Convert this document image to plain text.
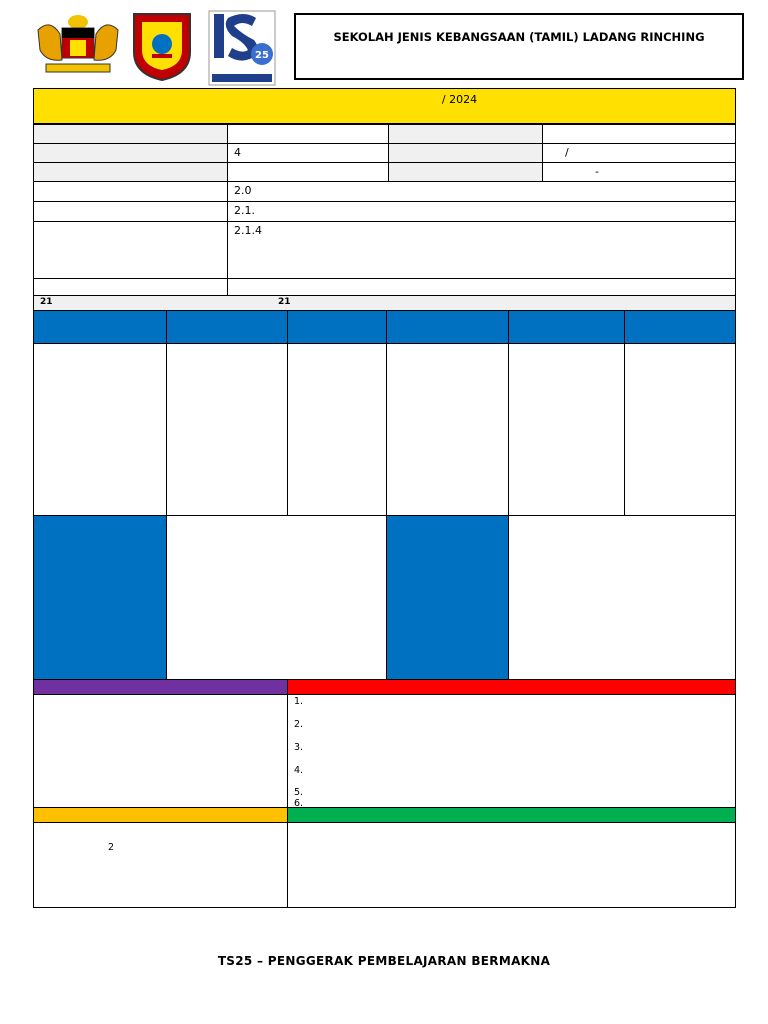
25
SEKOLAH JENIS KEBANGSAAN (TAMIL) LADANG RINCHING
/ 2024
4	/
-
2.0
2.1.
2.1.4
21	21
1.
2.
3.
4.
5.
6.
2
TS25 – PENGGERAK PEMBELAJARAN BERMAKNA
